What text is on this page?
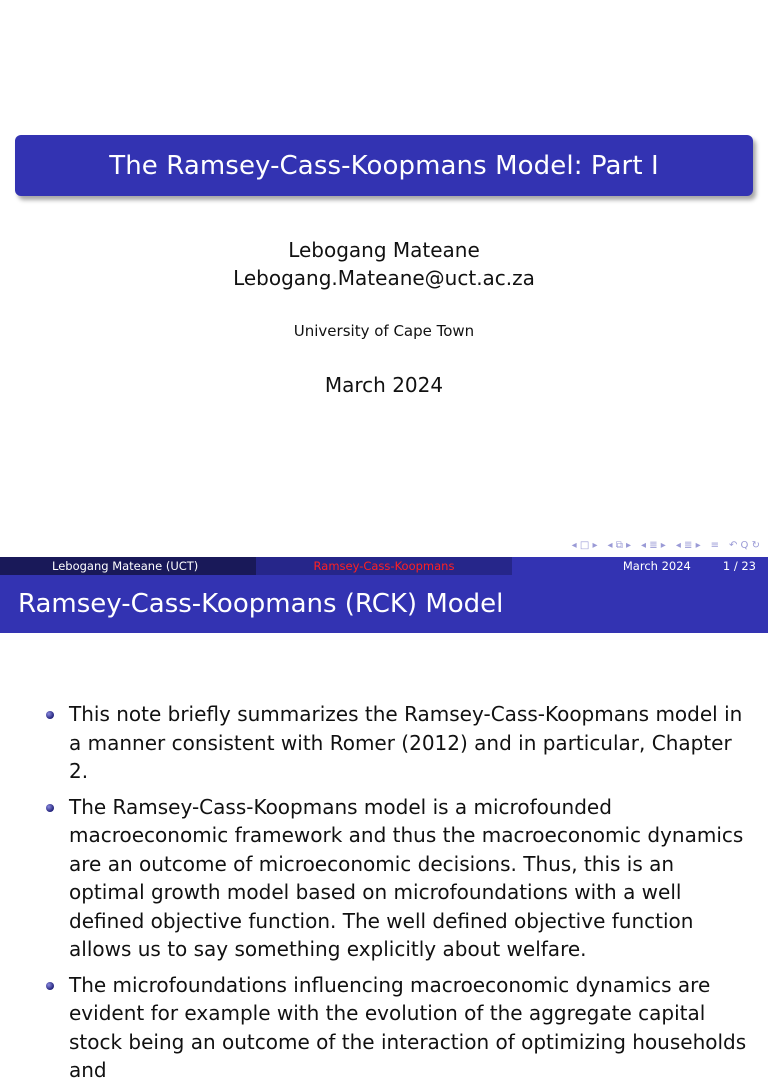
The Ramsey-Cass-Koopmans Model: Part I
Lebogang Mateane
Lebogang.Mateane@uct.ac.za
University of Cape Town
March 2024
◂ □ ▸ ◂ ⧉ ▸ ◂ ≣ ▸ ◂ ≣ ▸ ≡ ↶ Q ↻
Lebogang Mateane (UCT)	Ramsey-Cass-Koopmans	March 2024	1 / 23
Ramsey-Cass-Koopmans (RCK) Model
This note briefly summarizes the Ramsey-Cass-Koopmans model in a manner consistent with Romer (2012) and in particular, Chapter 2.
The Ramsey-Cass-Koopmans model is a microfounded macroeconomic framework and thus the macroeconomic dynamics are an outcome of microeconomic decisions. Thus, this is an optimal growth model based on microfoundations with a well defined objective function. The well defined objective function allows us to say something explicitly about welfare.
The microfoundations influencing macroeconomic dynamics are evident for example with the evolution of the aggregate capital stock being an outcome of the interaction of optimizing households and
